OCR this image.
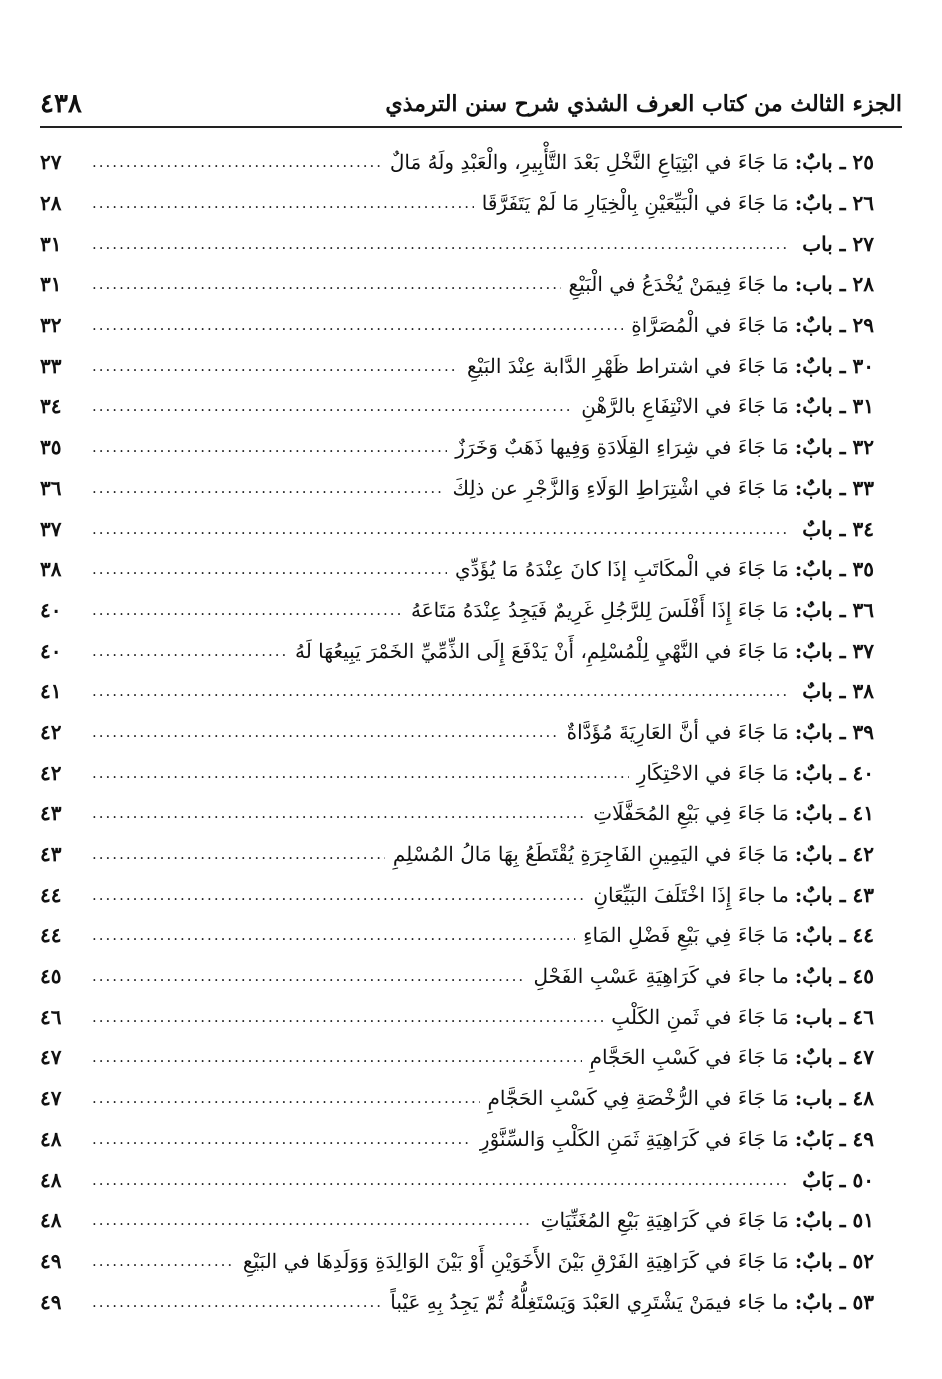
الجزء الثالث من كتاب العرف الشذي شرح سنن الترمذي
٤٣٨
٢٥ ـ بابٌ:
مَا جَاءَ في ابْتِيَاعِ النَّخْلِ بَعْدَ التَّأْبِيرِ، والْعَبْدِ ولَهُ مَالٌ
.....
٢٧
٢٦ ـ بابٌ:
مَا جَاءَ في الْبَيِّعَيْنِ بِالْخِيَارِ مَا لَمْ يَتَفَرَّقَا
.....
٢٨
٢٧ ـ باب
.....
٣١
٢٨ ـ باب:
ما جَاءَ فِيمَنْ يُخْدَعُ في الْبَيْعِ
.....
٣١
٢٩ ـ بابٌ:
مَا جَاءَ في الْمُصَرَّاةِ
.....
٣٢
٣٠ ـ بابٌ:
مَا جَاءَ في اشتراط ظَهْرِ الدَّابة عِنْدَ البَيْعِ
.....
٣٣
٣١ ـ بابٌ:
مَا جَاءَ في الانْتِفَاعِ بالرَّهْنِ
.....
٣٤
٣٢ ـ بابٌ:
مَا جَاءَ في شِرَاءِ القِلَادَةِ وَفِيها ذَهَبٌ وَخَرَزٌ
.....
٣٥
٣٣ ـ بابٌ:
مَا جَاءَ في اشْتِرَاطِ الوَلَاءِ وَالزَّجْرِ عن ذلِكَ
.....
٣٦
٣٤ ـ بابٌ
.....
٣٧
٣٥ ـ بابٌ:
مَا جَاءَ في الْمكَاتَبِ إذَا كانَ عِنْدَهُ مَا يُؤَدِّي
.....
٣٨
٣٦ ـ بابٌ:
مَا جَاءَ إِذَا أَفْلَسَ لِلرَّجُلِ غَرِيمٌ فَيَجِدُ عِنْدَهُ مَتَاعَهُ
.....
٤٠
٣٧ ـ بابٌ:
مَا جَاءَ في النَّهْيِ لِلْمُسْلِمِ، أَنْ يَدْفَعَ إِلَى الذِّمِّيِّ الخَمْرَ يَبِيعُهَا لَهُ
.....
٤٠
٣٨ ـ بابٌ
.....
٤١
٣٩ ـ بابٌ:
مَا جَاءَ في أنَّ العَارِيَةَ مُؤَدَّاةٌ
.....
٤٢
٤٠ ـ بابٌ:
مَا جَاءَ في الاحْتِكَارِ
.....
٤٢
٤١ ـ بابٌ:
مَا جَاءَ فِي بَيْعِ المُحَفَّلَاتِ
.....
٤٣
٤٢ ـ بابٌ:
مَا جَاءَ في اليَمِينِ الفَاجِرَةِ يُقْتَطَعُ بِهَا مَالُ المُسْلِمِ
.....
٤٣
٤٣ ـ بابٌ:
ما جاءَ إِذَا اخْتَلَفَ البَيِّعَانِ
.....
٤٤
٤٤ ـ بابٌ:
مَا جَاءَ فِي بَيْعِ فَضْلِ المَاءِ
.....
٤٤
٤٥ ـ بابٌ:
ما جاءَ في كَرَاهِيَةِ عَسْبِ الفَحْلِ
.....
٤٥
٤٦ ـ باب:
مَا جَاءَ في ثَمنِ الكَلْبِ
.....
٤٦
٤٧ ـ بابٌ:
مَا جَاءَ في كَسْبِ الحَجَّامِ
.....
٤٧
٤٨ ـ باب:
مَا جَاءَ في الرُّخْصَةِ فِي كَسْبِ الحَجَّامِ
.....
٤٧
٤٩ ـ بَابٌ:
مَا جَاءَ في كَرَاهِيَةِ ثَمَنِ الكَلْبِ وَالسِّنَّوْرِ
.....
٤٨
٥٠ ـ بَابٌ
.....
٤٨
٥١ ـ بابٌ:
مَا جَاءَ في كَرَاهِيَةِ بَيْعِ المُغَنِّيَاتِ
.....
٤٨
٥٢ ـ بابٌ:
مَا جَاءَ في كَرَاهِيَةِ الفَرْقِ بَيْنَ الأَخَوَيْنِ أَوْ بَيْنَ الوَالِدَةِ وَوَلَدِهَا في البَيْعِ
.....
٤٩
٥٣ ـ بابٌ:
ما جَاء فيمَنْ يَشْتَرِي العَبْدَ وَيَسْتَغِلُّهُ ثُمّ يَجِدُ بِهِ عَيْباً
.....
٤٩
